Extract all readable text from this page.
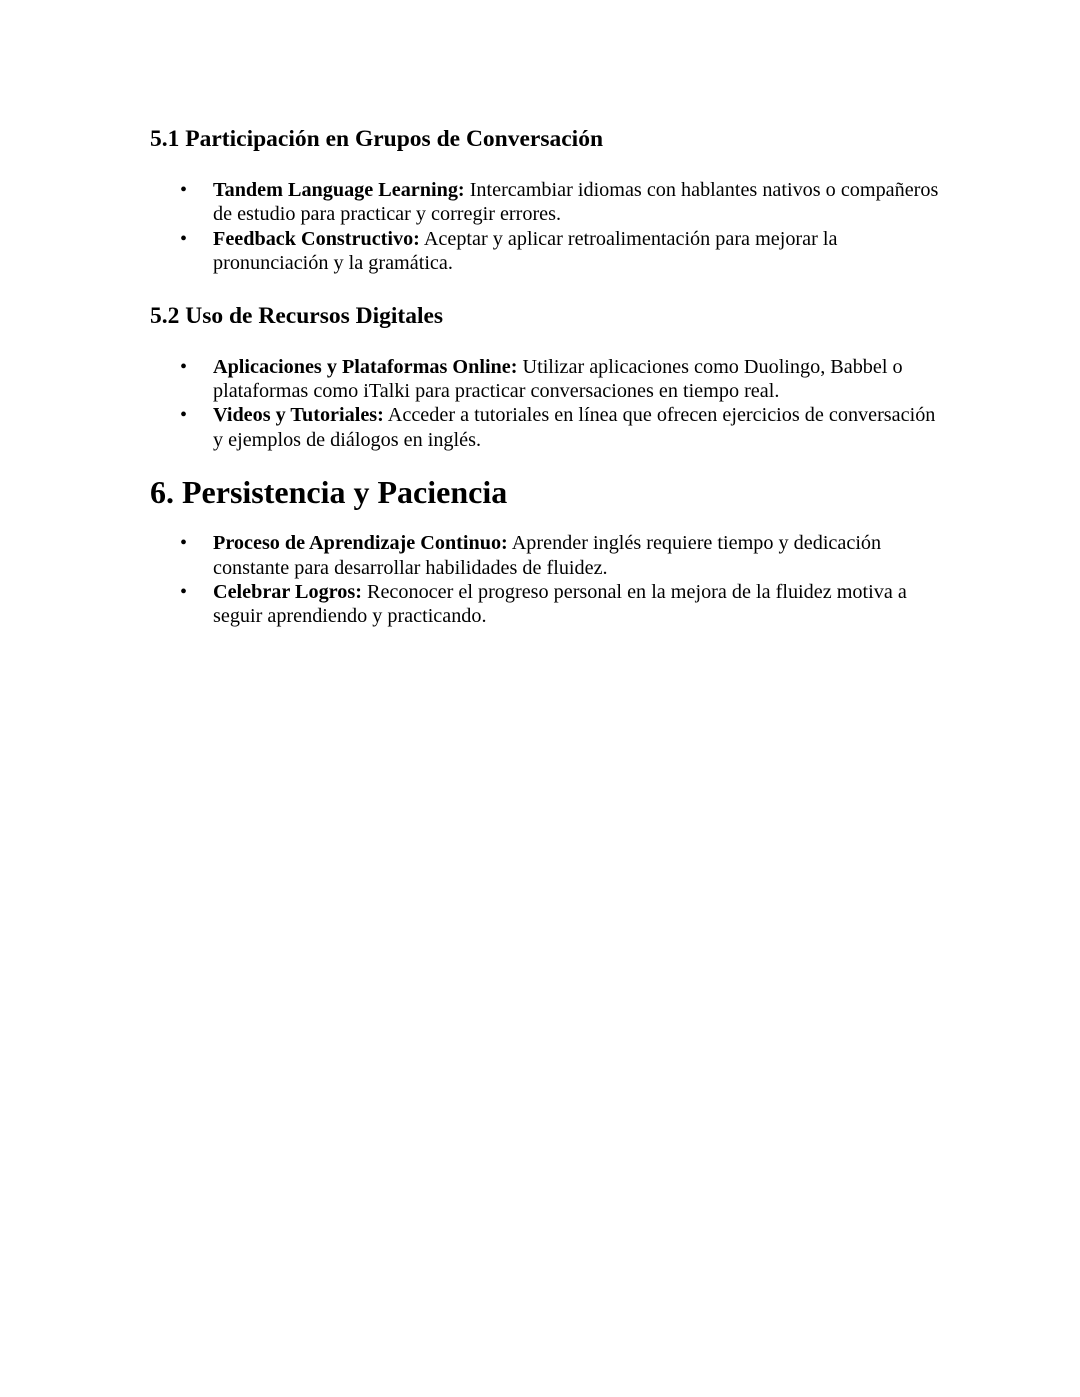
5.1 Participación en Grupos de Conversación
• Tandem Language Learning: Intercambiar idiomas con hablantes nativos o compañeros de estudio para practicar y corregir errores.
• Feedback Constructivo: Aceptar y aplicar retroalimentación para mejorar la pronunciación y la gramática.
5.2 Uso de Recursos Digitales
• Aplicaciones y Plataformas Online: Utilizar aplicaciones como Duolingo, Babbel o plataformas como iTalki para practicar conversaciones en tiempo real.
• Videos y Tutoriales: Acceder a tutoriales en línea que ofrecen ejercicios de conversación y ejemplos de diálogos en inglés.
6. Persistencia y Paciencia
• Proceso de Aprendizaje Continuo: Aprender inglés requiere tiempo y dedicación constante para desarrollar habilidades de fluidez.
• Celebrar Logros: Reconocer el progreso personal en la mejora de la fluidez motiva a seguir aprendiendo y practicando.
